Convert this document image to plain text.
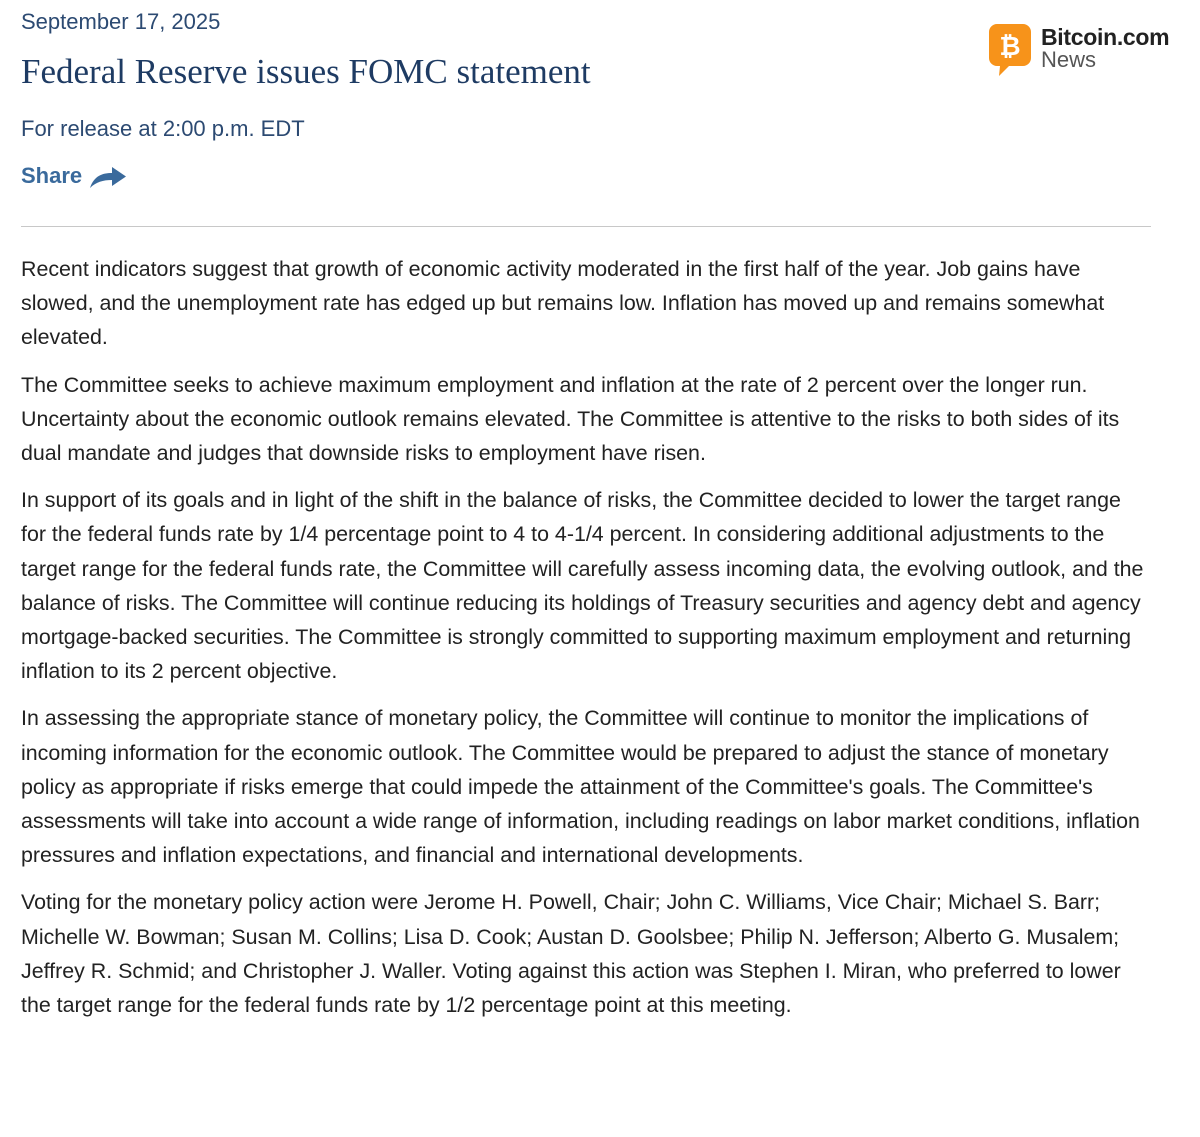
September 17, 2025
Federal Reserve issues FOMC statement
For release at 2:00 p.m. EDT
Share

Recent indicators suggest that growth of economic activity moderated in the first half of the year. Job gains have slowed, and the unemployment rate has edged up but remains low. Inflation has moved up and remains somewhat elevated.

The Committee seeks to achieve maximum employment and inflation at the rate of 2 percent over the longer run. Uncertainty about the economic outlook remains elevated. The Committee is attentive to the risks to both sides of its dual mandate and judges that downside risks to employment have risen.

In support of its goals and in light of the shift in the balance of risks, the Committee decided to lower the target range for the federal funds rate by 1/4 percentage point to 4 to 4-1/4 percent. In considering additional adjustments to the target range for the federal funds rate, the Committee will carefully assess incoming data, the evolving outlook, and the balance of risks. The Committee will continue reducing its holdings of Treasury securities and agency debt and agency mortgage-backed securities. The Committee is strongly committed to supporting maximum employment and returning inflation to its 2 percent objective.

In assessing the appropriate stance of monetary policy, the Committee will continue to monitor the implications of incoming information for the economic outlook. The Committee would be prepared to adjust the stance of monetary policy as appropriate if risks emerge that could impede the attainment of the Committee's goals. The Committee's assessments will take into account a wide range of information, including readings on labor market conditions, inflation pressures and inflation expectations, and financial and international developments.

Voting for the monetary policy action were Jerome H. Powell, Chair; John C. Williams, Vice Chair; Michael S. Barr; Michelle W. Bowman; Susan M. Collins; Lisa D. Cook; Austan D. Goolsbee; Philip N. Jefferson; Alberto G. Musalem; Jeffrey R. Schmid; and Christopher J. Waller. Voting against this action was Stephen I. Miran, who preferred to lower the target range for the federal funds rate by 1/2 percentage point at this meeting.

₿ Bitcoin.com
News
